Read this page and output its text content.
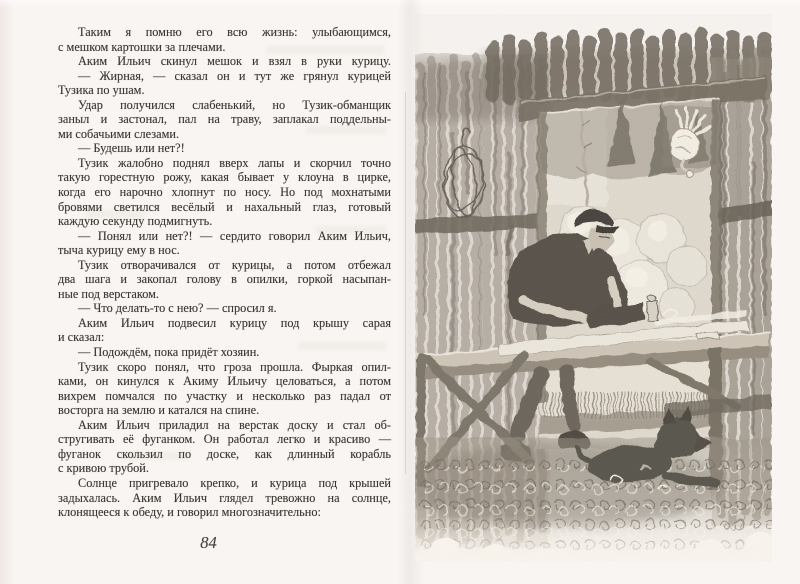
Таким я помню его всю жизнь: улыбающимся,
с мешком картошки за плечами.
Аким Ильич скинул мешок и взял в руки курицу.
— Жирная, — сказал он и тут же грянул курицей
Тузика по ушам.
Удар получился слабенький, но Тузик-обманщик
заныл и застонал, пал на траву, заплакал поддельны-
ми собачьими слезами.
— Будешь или нет?!
Тузик жалобно поднял вверх лапы и скорчил точно
такую горестную рожу, какая бывает у клоуна в цирке,
когда его нарочно хлопнут по носу. Но под мохнатыми
бровями светился весёлый и нахальный глаз, готовый
каждую секунду подмигнуть.
— Понял или нет?! — сердито говорил Аким Ильич,
тыча курицу ему в нос.
Тузик отворачивался от курицы, а потом отбежал
два шага и закопал голову в опилки, горкой насыпан-
ные под верстаком.
— Что делать-то с нею? — спросил я.
Аким Ильич подвесил курицу под крышу сарая
и сказал:
— Подождём, пока придёт хозяин.
Тузик скоро понял, что гроза прошла. Фыркая опил-
ками, он кинулся к Акиму Ильичу целоваться, а потом
вихрем помчался по участку и несколько раз падал от
восторга на землю и катался на спине.
Аким Ильич приладил на верстак доску и стал об-
стругивать её фуганком. Он работал легко и красиво —
фуганок скользил по доске, как длинный корабль
с кривою трубой.
Солнце пригревало крепко, и курица под крышей
задыхалась. Аким Ильич глядел тревожно на солнце,
клонящееся к обеду, и говорил многозначительно:
84
